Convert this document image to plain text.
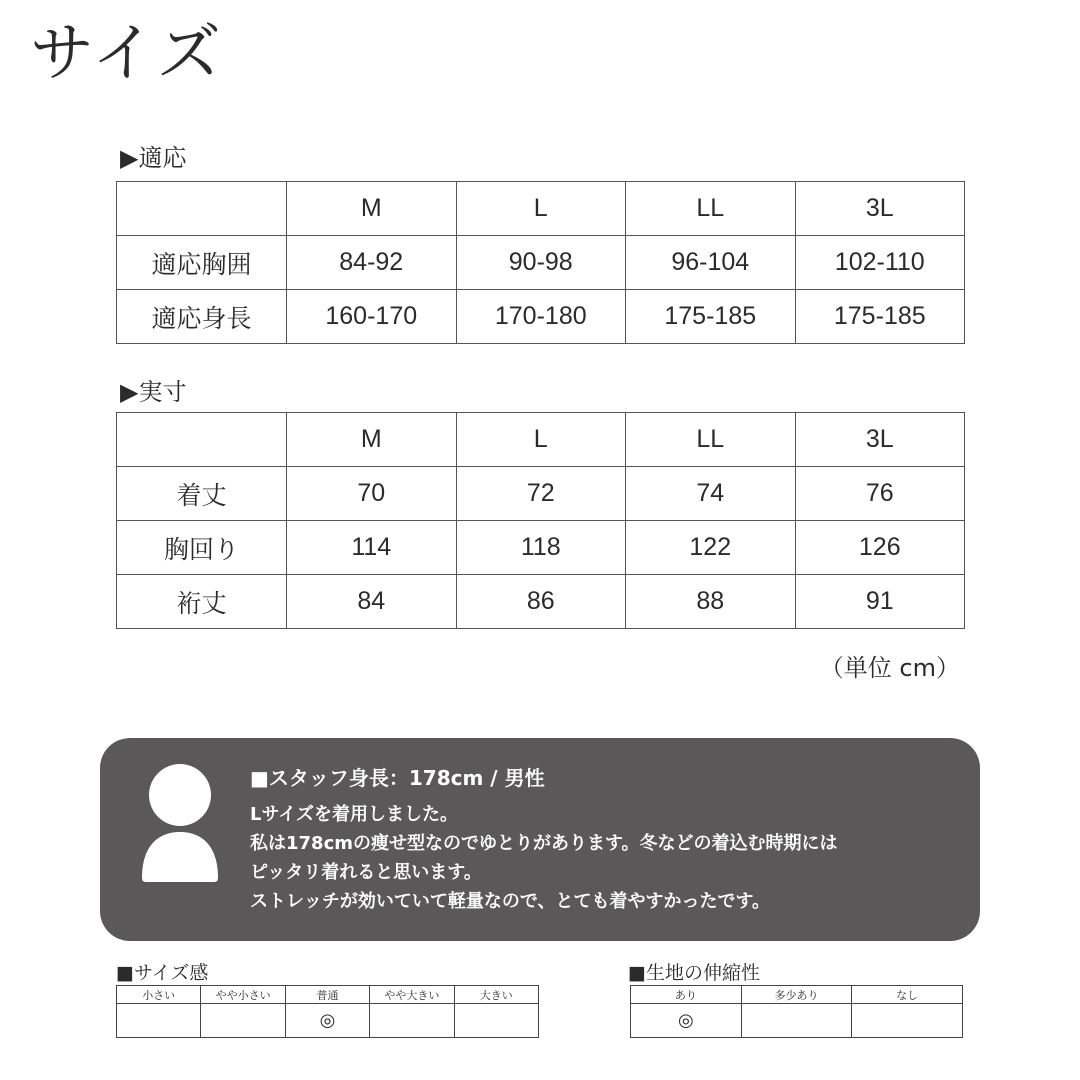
サイズ
▶適応
	M	L	LL	3L
適応胸囲	84-92	90-98	96-104	102-110
適応身長	160-170	170-180	175-185	175-185
▶実寸
	M	L	LL	3L
着丈	70	72	74	76
胸回り	114	118	122	126
裄丈	84	86	88	91
（単位 cm）
■スタッフ身長：178cm / 男性
Lサイズを着用しました。
私は178cmの痩せ型なのでゆとりがあります。冬などの着込む時期には
ピッタリ着れると思います。
ストレッチが効いていて軽量なので、とても着やすかったです。
■サイズ感
小さい	やや小さい	普通	やや大きい	大きい
		◎		
■生地の伸縮性
あり	多少あり	なし
◎		
